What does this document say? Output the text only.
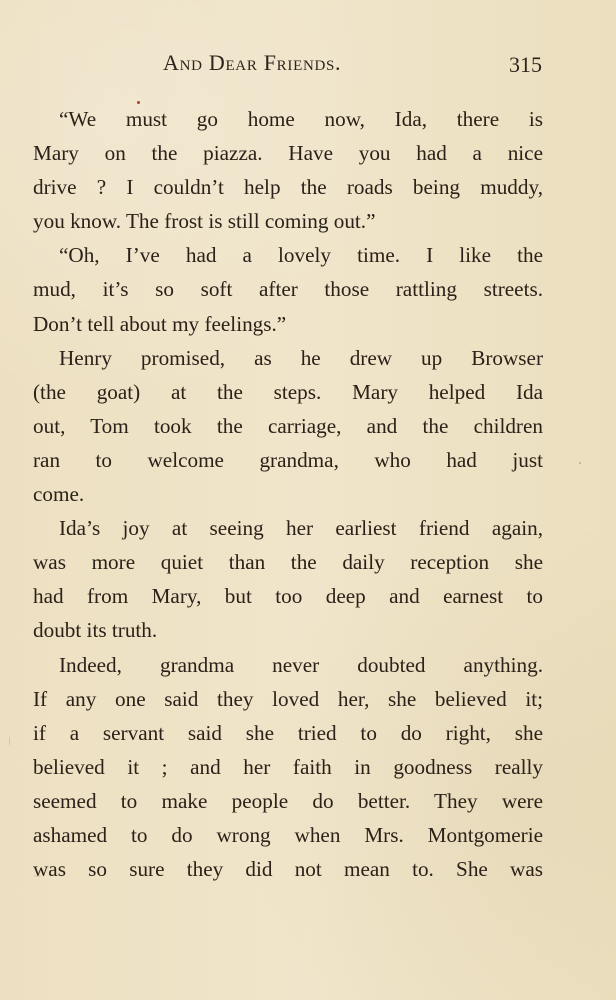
And Dear Friends.	315
“We must go home now, Ida, there is
Mary on the piazza. Have you had a nice
drive ? I couldn’t help the roads being muddy,
you know. The frost is still coming out.”
“Oh, I’ve had a lovely time. I like the
mud, it’s so soft after those rattling streets.
Don’t tell about my feelings.”
Henry promised, as he drew up Browser
(the goat) at the steps. Mary helped Ida
out, Tom took the carriage, and the children
ran to welcome grandma, who had just
come.
Ida’s joy at seeing her earliest friend again,
was more quiet than the daily reception she
had from Mary, but too deep and earnest to
doubt its truth.
Indeed, grandma never doubted anything.
If any one said they loved her, she believed it;
if a servant said she tried to do right, she
believed it ; and her faith in goodness really
seemed to make people do better. They were
ashamed to do wrong when Mrs. Montgomerie
was so sure they did not mean to. She was
